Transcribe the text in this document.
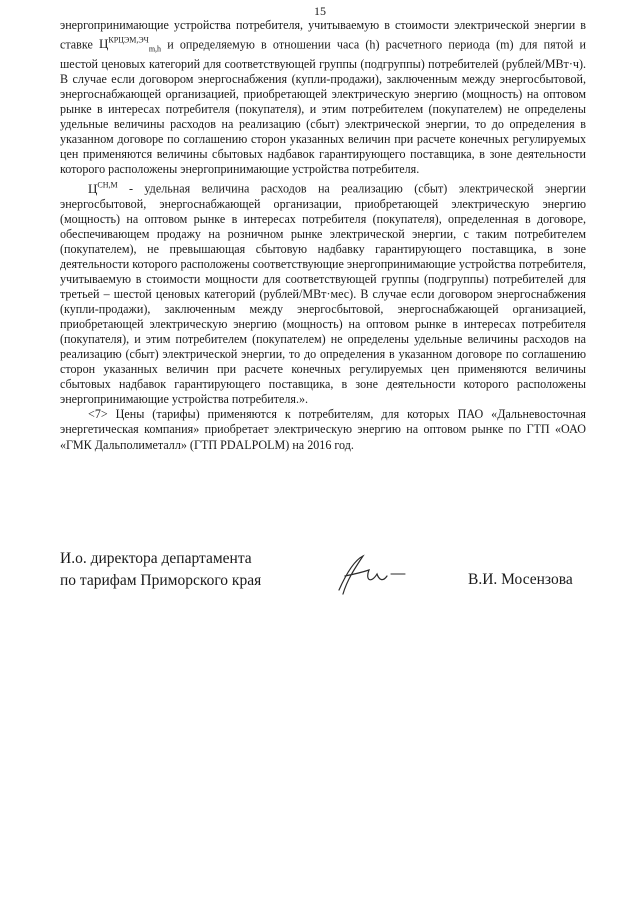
15

энергопринимающие устройства потребителя, учитываемую в стоимости электрической энергии в ставке $Ц^{КРЦЭМ,ЭЧ}_{m,h}$ и определяемую в отношении часа (h) расчетного периода (m) для пятой и шестой ценовых категорий для соответствующей группы (подгруппы) потребителей (рублей/МВт·ч). В случае если договором энергоснабжения (купли-продажи), заключенным между энергосбытовой, энергоснабжающей организацией, приобретающей электрическую энергию (мощность) на оптовом рынке в интересах потребителя (покупателя), и этим потребителем (покупателем) не определены удельные величины расходов на реализацию (сбыт) электрической энергии, то до определения в указанном договоре по соглашению сторон указанных величин при расчете конечных регулируемых цен применяются величины сбытовых надбавок гарантирующего поставщика, в зоне деятельности которого расположены энергопринимающие устройства потребителя.

$Ц^{СН,М}$ - удельная величина расходов на реализацию (сбыт) электрической энергии энергосбытовой, энергоснабжающей организации, приобретающей электрическую энергию (мощность) на оптовом рынке в интересах потребителя (покупателя), определенная в договоре, обеспечивающем продажу на розничном рынке электрической энергии, с таким потребителем (покупателем), не превышающая сбытовую надбавку гарантирующего поставщика, в зоне деятельности которого расположены соответствующие энергопринимающие устройства потребителя, учитываемую в стоимости мощности для соответствующей группы (подгруппы) потребителей для третьей – шестой ценовых категорий (рублей/МВт·мес). В случае если договором энергоснабжения (купли-продажи), заключенным между энергосбытовой, энергоснабжающей организацией, приобретающей электрическую энергию (мощность) на оптовом рынке в интересах потребителя (покупателя), и этим потребителем (покупателем) не определены удельные величины расходов на реализацию (сбыт) электрической энергии, то до определения в указанном договоре по соглашению сторон указанных величин при расчете конечных регулируемых цен применяются величины сбытовых надбавок гарантирующего поставщика, в зоне деятельности которого расположены энергопринимающие устройства потребителя.».

<7> Цены (тарифы) применяются к потребителям, для которых ПАО «Дальневосточная энергетическая компания» приобретает электрическую энергию на оптовом рынке по ГТП «ОАО «ГМК Дальполиметалл» (ГТП PDALPOLM) на 2016 год.

И.о. директора департамента
по тарифам Приморского края	В.И. Мосензова
